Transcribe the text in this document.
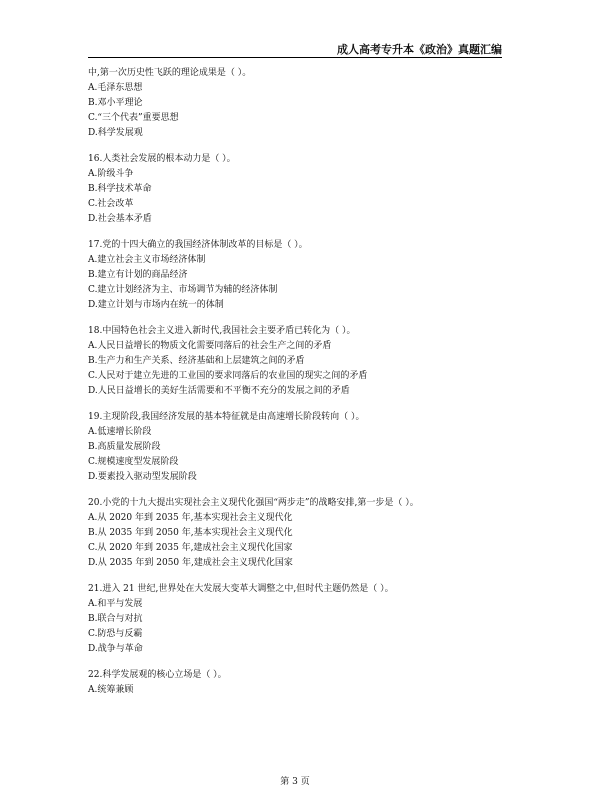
成人高考专升本《政治》真题汇编
中,第一次历史性飞跃的理论成果是（ ）。
A.毛泽东思想
B.邓小平理论
C.“三个代表”重要思想
D.科学发展观
16.人类社会发展的根本动力是（ ）。
A.阶级斗争
B.科学技术革命
C.社会改革
D.社会基本矛盾
17.党的十四大确立的我国经济体制改革的目标是（ ）。
A.建立社会主义市场经济体制
B.建立有计划的商品经济
C.建立计划经济为主、市场调节为辅的经济体制
D.建立计划与市场内在统一的体制
18.中国特色社会主义进入新时代,我国社会主要矛盾已转化为（ ）。
A.人民日益增长的物质文化需要同落后的社会生产之间的矛盾
B.生产力和生产关系、经济基础和上层建筑之间的矛盾
C.人民对于建立先进的工业国的要求同落后的农业国的现实之间的矛盾
D.人民日益增长的美好生活需要和不平衡不充分的发展之间的矛盾
19.主现阶段,我国经济发展的基本特征就是由高速增长阶段转向（ ）。
A.低速增长阶段
B.高质量发展阶段
C.规模速度型发展阶段
D.要素投入驱动型发展阶段
20.小党的十九大提出实现社会主义现代化强国“两步走”的战略安排,第一步是（ ）。
A.从 2020 年到 2035 年,基本实现社会主义现代化
B.从 2035 年到 2050 年,基本实现社会主义现代化
C.从 2020 年到 2035 年,建成社会主义现代化国家
D.从 2035 年到 2050 年,建成社会主义现代化国家
21.进入 21 世纪,世界处在大发展大变革大调整之中,但时代主题仍然是（ ）。
A.和平与发展
B.联合与对抗
C.防恐与反霸
D.战争与革命
22.科学发展观的核心立场是（ ）。
A.统筹兼顾
第 3 页
